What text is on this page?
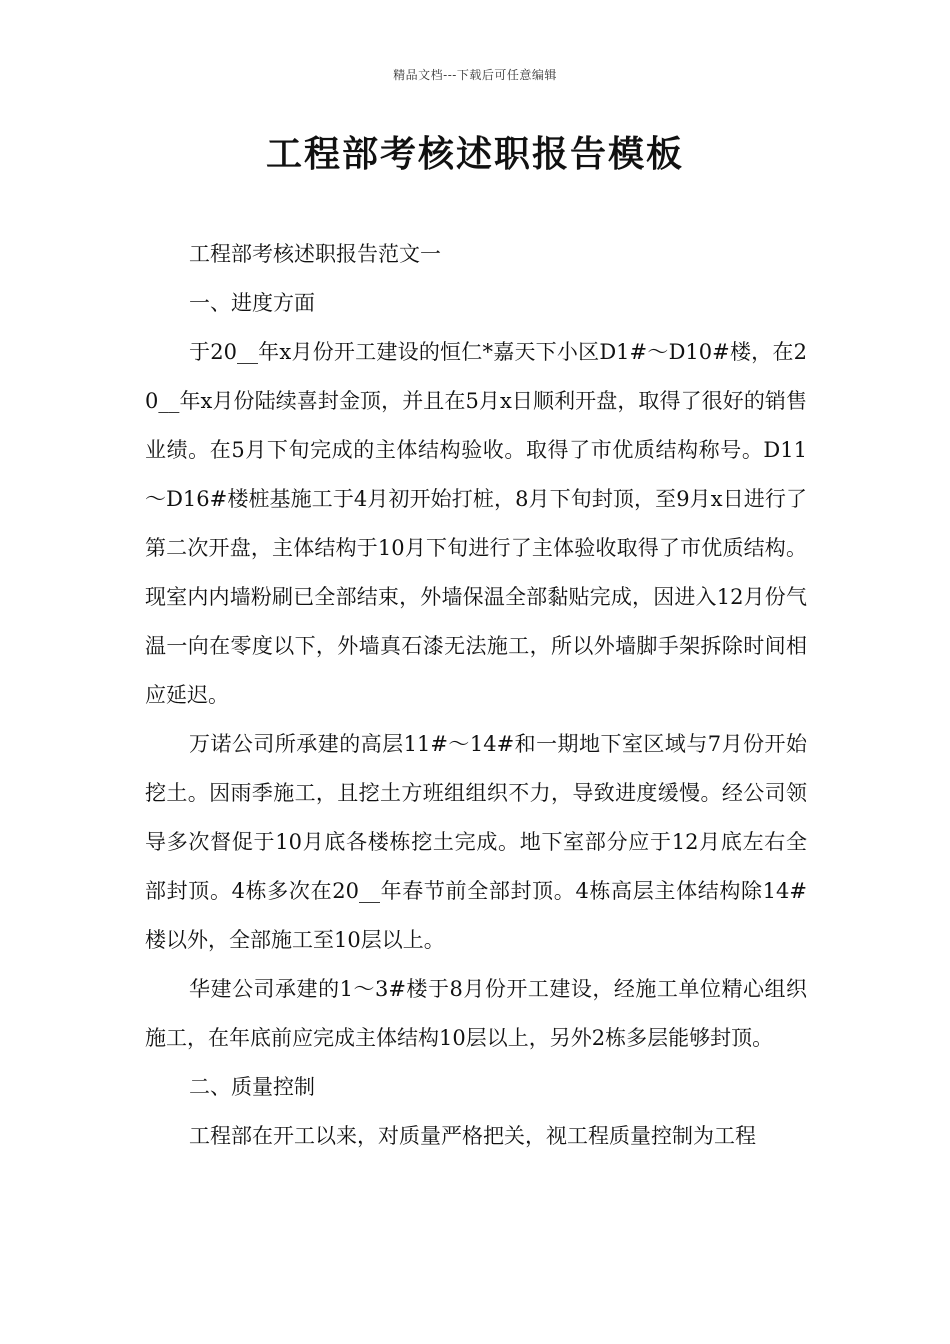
精品文档---下载后可任意编辑
工程部考核述职报告模板

工程部考核述职报告范文一

一、进度方面

于20__年x月份开工建设的恒仁*嘉天下小区D1#～D10#楼，在20__年x月份陆续喜封金顶，并且在5月x日顺利开盘，取得了很好的销售业绩。在5月下旬完成的主体结构验收。取得了市优质结构称号。D11～D16#楼桩基施工于4月初开始打桩，8月下旬封顶，至9月x日进行了第二次开盘，主体结构于10月下旬进行了主体验收取得了市优质结构。现室内内墙粉刷已全部结束，外墙保温全部黏贴完成，因进入12月份气温一向在零度以下，外墙真石漆无法施工，所以外墙脚手架拆除时间相应延迟。

万诺公司所承建的高层11#～14#和一期地下室区域与7月份开始挖土。因雨季施工，且挖土方班组组织不力，导致进度缓慢。经公司领导多次督促于10月底各楼栋挖土完成。地下室部分应于12月底左右全部封顶。4栋多次在20__年春节前全部封顶。4栋高层主体结构除14#楼以外，全部施工至10层以上。

华建公司承建的1～3#楼于8月份开工建设，经施工单位精心组织施工，在年底前应完成主体结构10层以上，另外2栋多层能够封顶。

二、质量控制

工程部在开工以来，对质量严格把关，视工程质量控制为工程
